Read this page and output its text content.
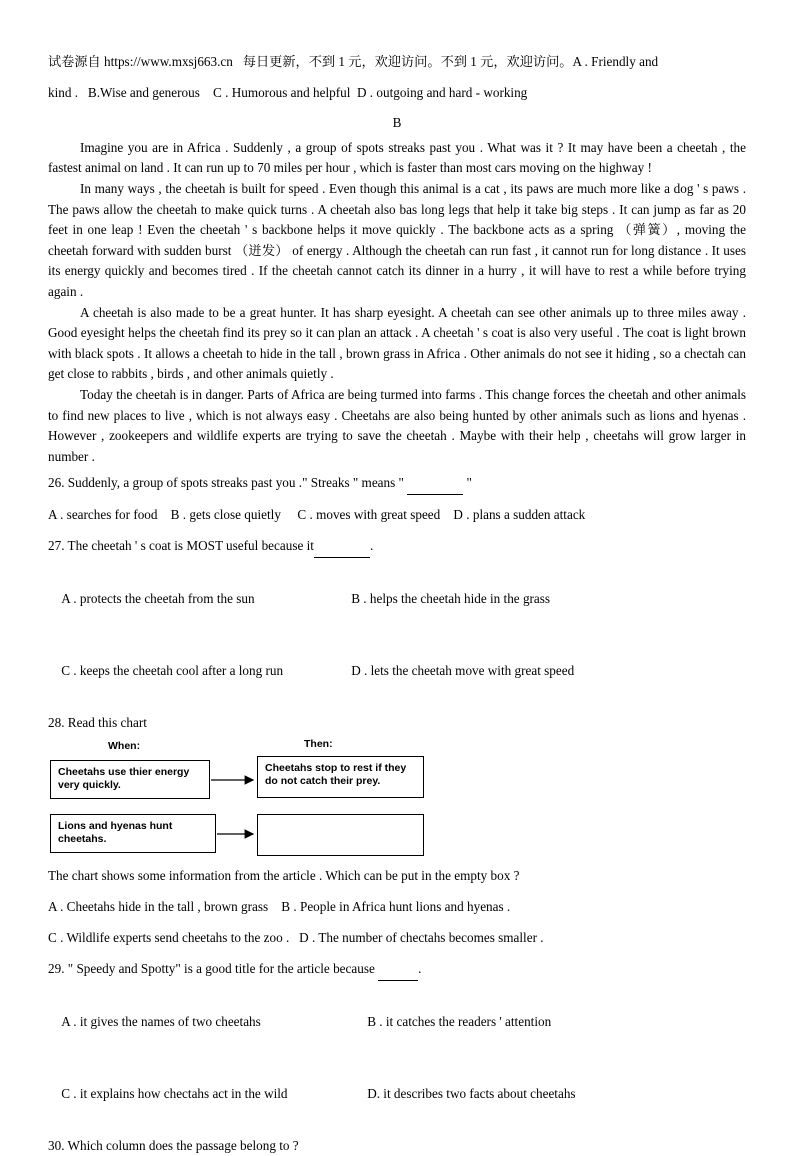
试卷源自 https://www.mxsj663.cn   每日更新，不到 1 元，欢迎访问。不到 1 元，欢迎访问。A . Friendly and
kind .   B.Wise and generous    C . Humorous and helpful  D . outgoing and hard - working
B

Imagine you are in Africa . Suddenly , a group of spots streaks past you . What was it ? It may have been a cheetah , the fastest animal on land . It can run up to 70 miles per hour , which is faster than most cars moving on the highway !

In many ways , the cheetah is built for speed . Even though this animal is a cat , its paws are much more like a dog ' s paws . The paws allow the cheetah to make quick turns . A cheetah also bas long legs that help it take big steps . It can jump as far as 20 feet in one leap ! Even the cheetah ' s backbone helps it move quickly . The backbone acts as a spring （弹簧）, moving the cheetah forward with sudden burst （迸发） of energy . Although the cheetah can run fast , it cannot run for long distance . It uses its energy quickly and becomes tired . If the cheetah cannot catch its dinner in a hurry , it will have to rest a while before trying again .

A cheetah is also made to be a great hunter. It has sharp eyesight. A cheetah can see other animals up to three miles away . Good eyesight helps the cheetah find its prey so it can plan an attack . A cheetah ' s coat is also very useful . The coat is light brown with black spots . It allows a cheetah to hide in the tall , brown grass in Africa . Other animals do not see it hiding , so a chectah can get close to rabbits , birds , and other animals quietly .

Today the cheetah is in danger. Parts of Africa are being turmed into farms . This change forces the cheetah and other animals to find new places to live , which is not always easy . Cheetahs are also being hunted by other animals such as lions and hyenas . However , zookeepers and wildlife experts are trying to save the cheetah . Maybe with their help , cheetahs will grow larger in number .

26. Suddenly, a group of spots streaks past you ." Streaks " means "	"
A . searches for food    B . gets close quietly     C . moves with great speed    D . plans a sudden attack
27. The cheetah ' s coat is MOST useful because it	.

A . protects the cheetah from the sun	B . helps the cheetah hide in the grass

C . keeps the cheetah cool after a long run	D . lets the cheetah move with great speed

28. Read this chart
When:	Then:
Cheetahs use thier energy very quickly.
Cheetahs stop to rest if they do not catch their prey.
Lions and hyenas hunt cheetahs.
The chart shows some information from the article . Which can be put in the empty box ?
A . Cheetahs hide in the tall , brown grass    B . People in Africa hunt lions and hyenas .
C . Wildlife experts send cheetahs to the zoo .   D . The number of chectahs becomes smaller .
29. " Speedy and Spotty" is a good title for the article because	.

A . it gives the names of two cheetahs	B . it catches the readers ' attention

C . it explains how chectahs act in the wild	D. it describes two facts about cheetahs

30. Which column does the passage belong to ?
